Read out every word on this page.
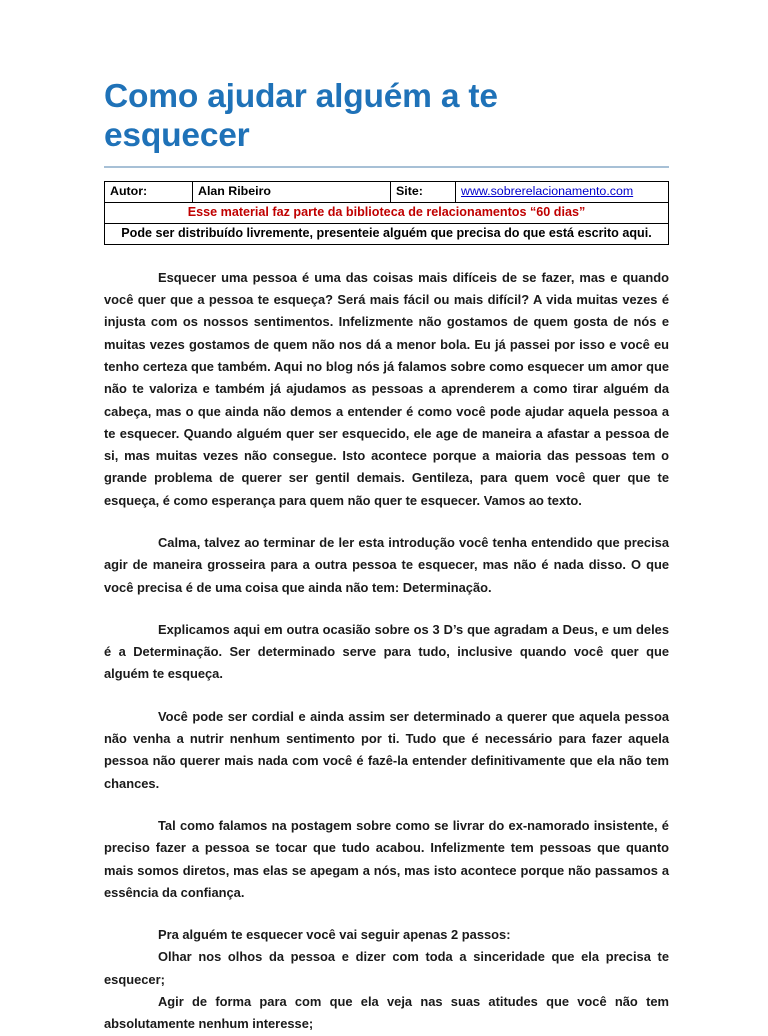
Como ajudar alguém a te esquecer
Autor:	Alan Ribeiro	Site:	www.sobrerelacionamento.com
Esse material faz parte da biblioteca de relacionamentos “60 dias”
Pode ser distribuído livremente, presenteie alguém que precisa do que está escrito aqui.

Esquecer uma pessoa é uma das coisas mais difíceis de se fazer, mas e quando você quer que a pessoa te esqueça? Será mais fácil ou mais difícil? A vida muitas vezes é injusta com os nossos sentimentos. Infelizmente não gostamos de quem gosta de nós e muitas vezes gostamos de quem não nos dá a menor bola. Eu já passei por isso e você eu tenho certeza que também. Aqui no blog nós já falamos sobre como esquecer um amor que não te valoriza e também já ajudamos as pessoas a aprenderem a como tirar alguém da cabeça, mas o que ainda não demos a entender é como você pode ajudar aquela pessoa a te esquecer. Quando alguém quer ser esquecido, ele age de maneira a afastar a pessoa de si, mas muitas vezes não consegue. Isto acontece porque a maioria das pessoas tem o grande problema de querer ser gentil demais. Gentileza, para quem você quer que te esqueça, é como esperança para quem não quer te esquecer. Vamos ao texto.

Calma, talvez ao terminar de ler esta introdução você tenha entendido que precisa agir de maneira grosseira para a outra pessoa te esquecer, mas não é nada disso. O que você precisa é de uma coisa que ainda não tem: Determinação.

Explicamos aqui em outra ocasião sobre os 3 D’s que agradam a Deus, e um deles é a Determinação. Ser determinado serve para tudo, inclusive quando você quer que alguém te esqueça.

Você pode ser cordial e ainda assim ser determinado a querer que aquela pessoa não venha a nutrir nenhum sentimento por ti. Tudo que é necessário para fazer aquela pessoa não querer mais nada com você é fazê-la entender definitivamente que ela não tem chances.

Tal como falamos na postagem sobre como se livrar do ex-namorado insistente, é preciso fazer a pessoa se tocar que tudo acabou. Infelizmente tem pessoas que quanto mais somos diretos, mas elas se apegam a nós, mas isto acontece porque não passamos a essência da confiança.

Pra alguém te esquecer você vai seguir apenas 2 passos:
Olhar nos olhos da pessoa e dizer com toda a sinceridade que ela precisa te esquecer;
Agir de forma para com que ela veja nas suas atitudes que você não tem absolutamente nenhum interesse;
